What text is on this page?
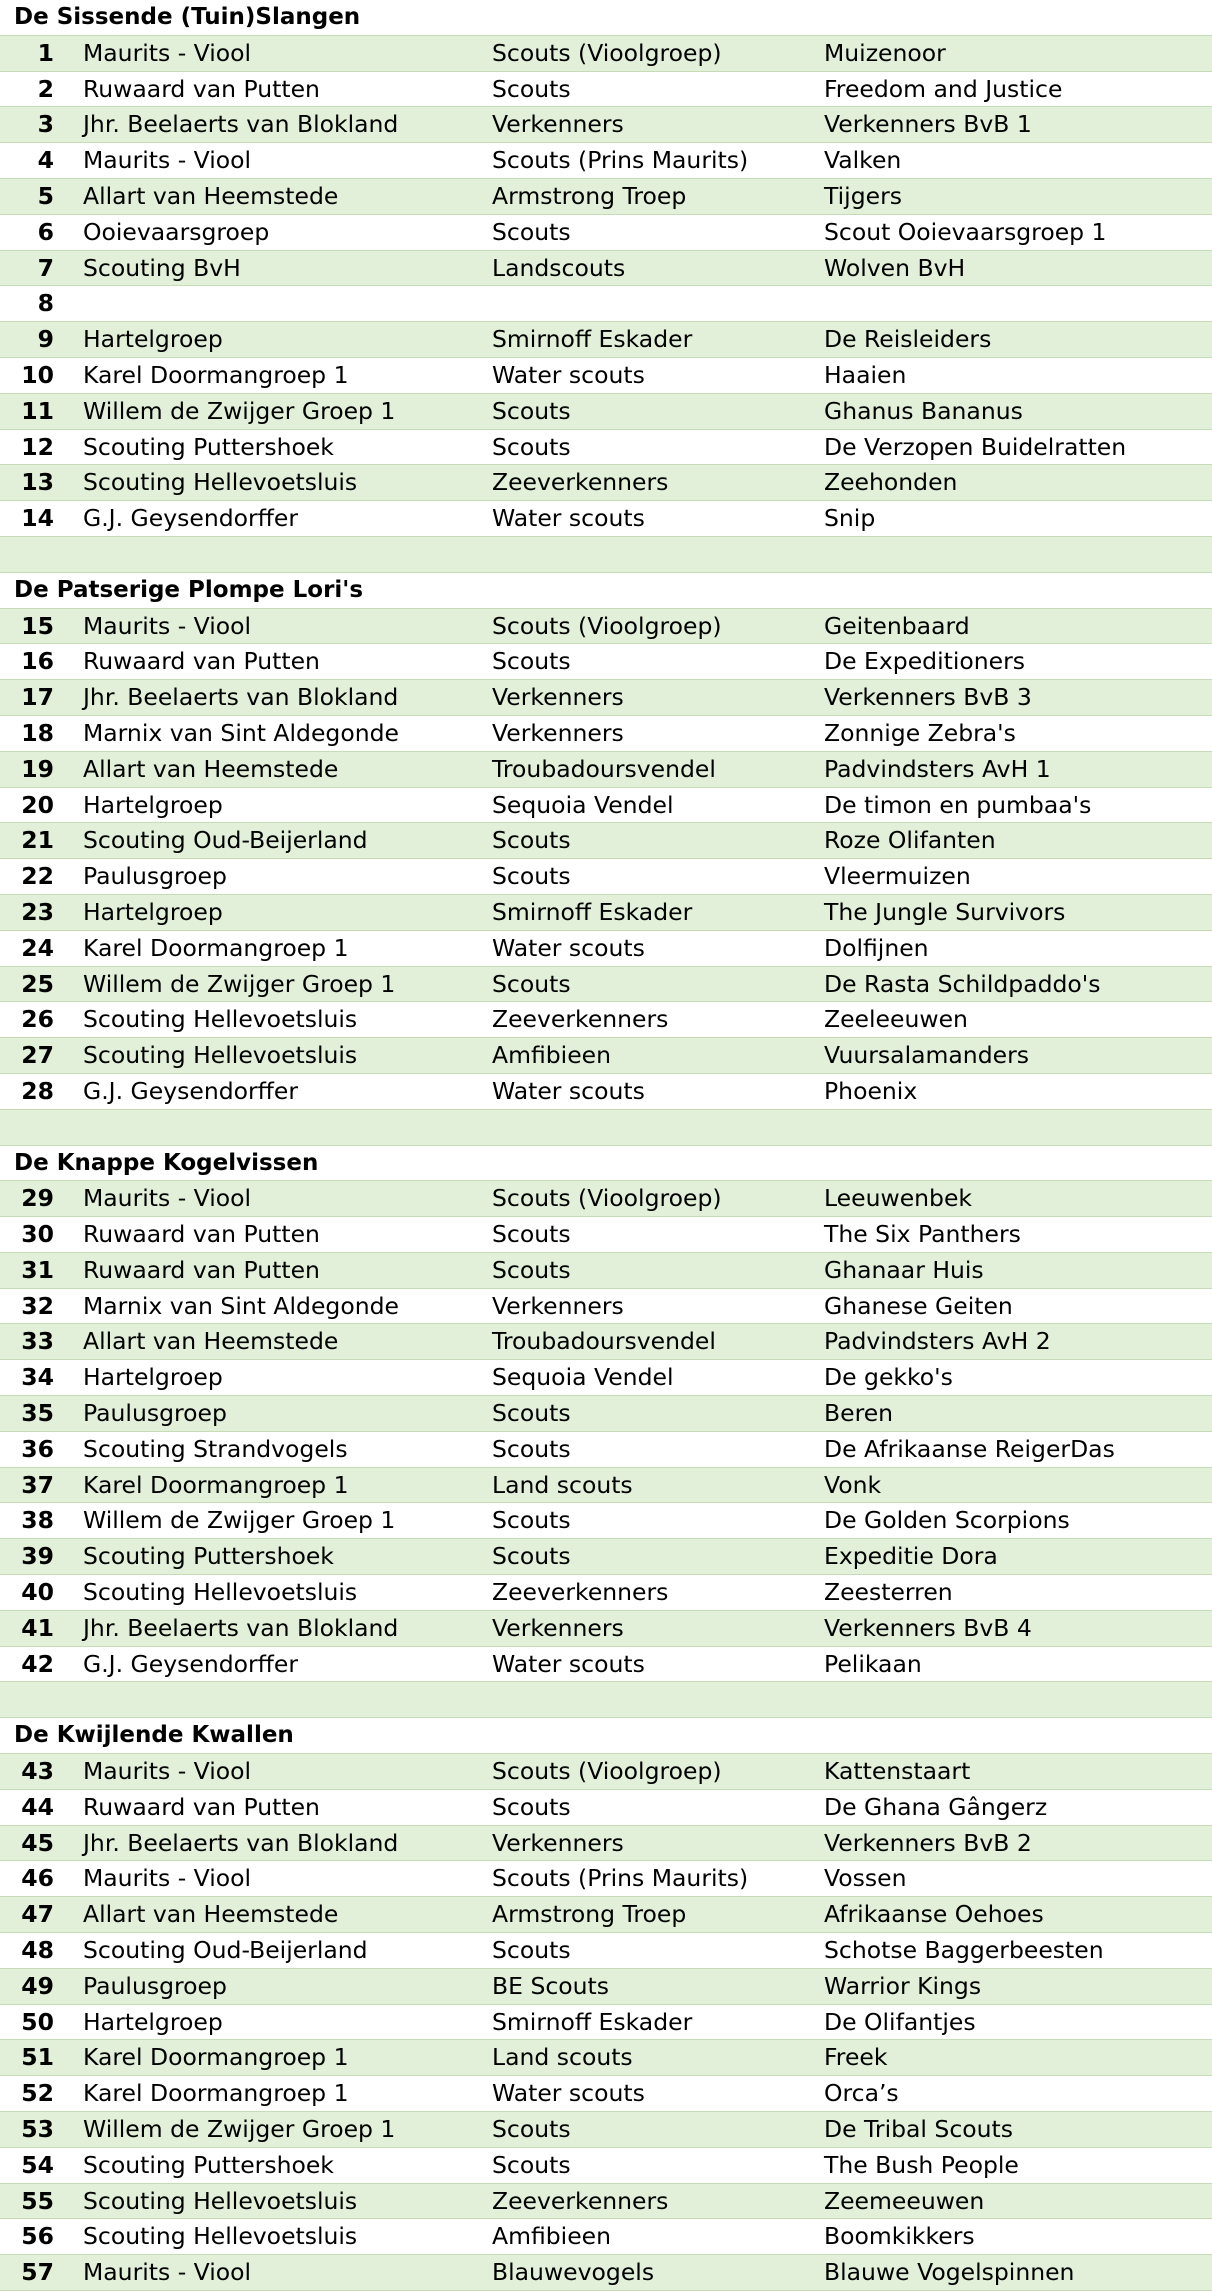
De Sissende (Tuin)Slangen
1 Maurits - Viool	Scouts (Vioolgroep)	Muizenoor
2 Ruwaard van Putten	Scouts	Freedom and Justice
3 Jhr. Beelaerts van Blokland	Verkenners	Verkenners BvB 1
4 Maurits - Viool	Scouts (Prins Maurits)	Valken
5 Allart van Heemstede	Armstrong Troep	Tijgers
6 Ooievaarsgroep	Scouts	Scout Ooievaarsgroep 1
7 Scouting BvH	Landscouts	Wolven BvH
8
9 Hartelgroep	Smirnoff Eskader	De Reisleiders
10 Karel Doormangroep 1	Water scouts	Haaien
11 Willem de Zwijger Groep 1	Scouts	Ghanus Bananus
12 Scouting Puttershoek	Scouts	De Verzopen Buidelratten
13 Scouting Hellevoetsluis	Zeeverkenners	Zeehonden
14 G.J. Geysendorffer	Water scouts	Snip
De Patserige Plompe Lori's
15 Maurits - Viool	Scouts (Vioolgroep)	Geitenbaard
16 Ruwaard van Putten	Scouts	De Expeditioners
17 Jhr. Beelaerts van Blokland	Verkenners	Verkenners BvB 3
18 Marnix van Sint Aldegonde	Verkenners	Zonnige Zebra's
19 Allart van Heemstede	Troubadoursvendel	Padvindsters AvH 1
20 Hartelgroep	Sequoia Vendel	De timon en pumbaa's
21 Scouting Oud-Beijerland	Scouts	Roze Olifanten
22 Paulusgroep	Scouts	Vleermuizen
23 Hartelgroep	Smirnoff Eskader	The Jungle Survivors
24 Karel Doormangroep 1	Water scouts	Dolfijnen
25 Willem de Zwijger Groep 1	Scouts	De Rasta Schildpaddo's
26 Scouting Hellevoetsluis	Zeeverkenners	Zeeleeuwen
27 Scouting Hellevoetsluis	Amfibieen	Vuursalamanders
28 G.J. Geysendorffer	Water scouts	Phoenix
De Knappe Kogelvissen
29 Maurits - Viool	Scouts (Vioolgroep)	Leeuwenbek
30 Ruwaard van Putten	Scouts	The Six Panthers
31 Ruwaard van Putten	Scouts	Ghanaar Huis
32 Marnix van Sint Aldegonde	Verkenners	Ghanese Geiten
33 Allart van Heemstede	Troubadoursvendel	Padvindsters AvH 2
34 Hartelgroep	Sequoia Vendel	De gekko's
35 Paulusgroep	Scouts	Beren
36 Scouting Strandvogels	Scouts	De Afrikaanse ReigerDas
37 Karel Doormangroep 1	Land scouts	Vonk
38 Willem de Zwijger Groep 1	Scouts	De Golden Scorpions
39 Scouting Puttershoek	Scouts	Expeditie Dora
40 Scouting Hellevoetsluis	Zeeverkenners	Zeesterren
41 Jhr. Beelaerts van Blokland	Verkenners	Verkenners BvB 4
42 G.J. Geysendorffer	Water scouts	Pelikaan
De Kwijlende Kwallen
43 Maurits - Viool	Scouts (Vioolgroep)	Kattenstaart
44 Ruwaard van Putten	Scouts	De Ghana Gângerz
45 Jhr. Beelaerts van Blokland	Verkenners	Verkenners BvB 2
46 Maurits - Viool	Scouts (Prins Maurits)	Vossen
47 Allart van Heemstede	Armstrong Troep	Afrikaanse Oehoes
48 Scouting Oud-Beijerland	Scouts	Schotse Baggerbeesten
49 Paulusgroep	BE Scouts	Warrior Kings
50 Hartelgroep	Smirnoff Eskader	De Olifantjes
51 Karel Doormangroep 1	Land scouts	Freek
52 Karel Doormangroep 1	Water scouts	Orca’s
53 Willem de Zwijger Groep 1	Scouts	De Tribal Scouts
54 Scouting Puttershoek	Scouts	The Bush People
55 Scouting Hellevoetsluis	Zeeverkenners	Zeemeeuwen
56 Scouting Hellevoetsluis	Amfibieen	Boomkikkers
57 Maurits - Viool	Blauwevogels	Blauwe Vogelspinnen
